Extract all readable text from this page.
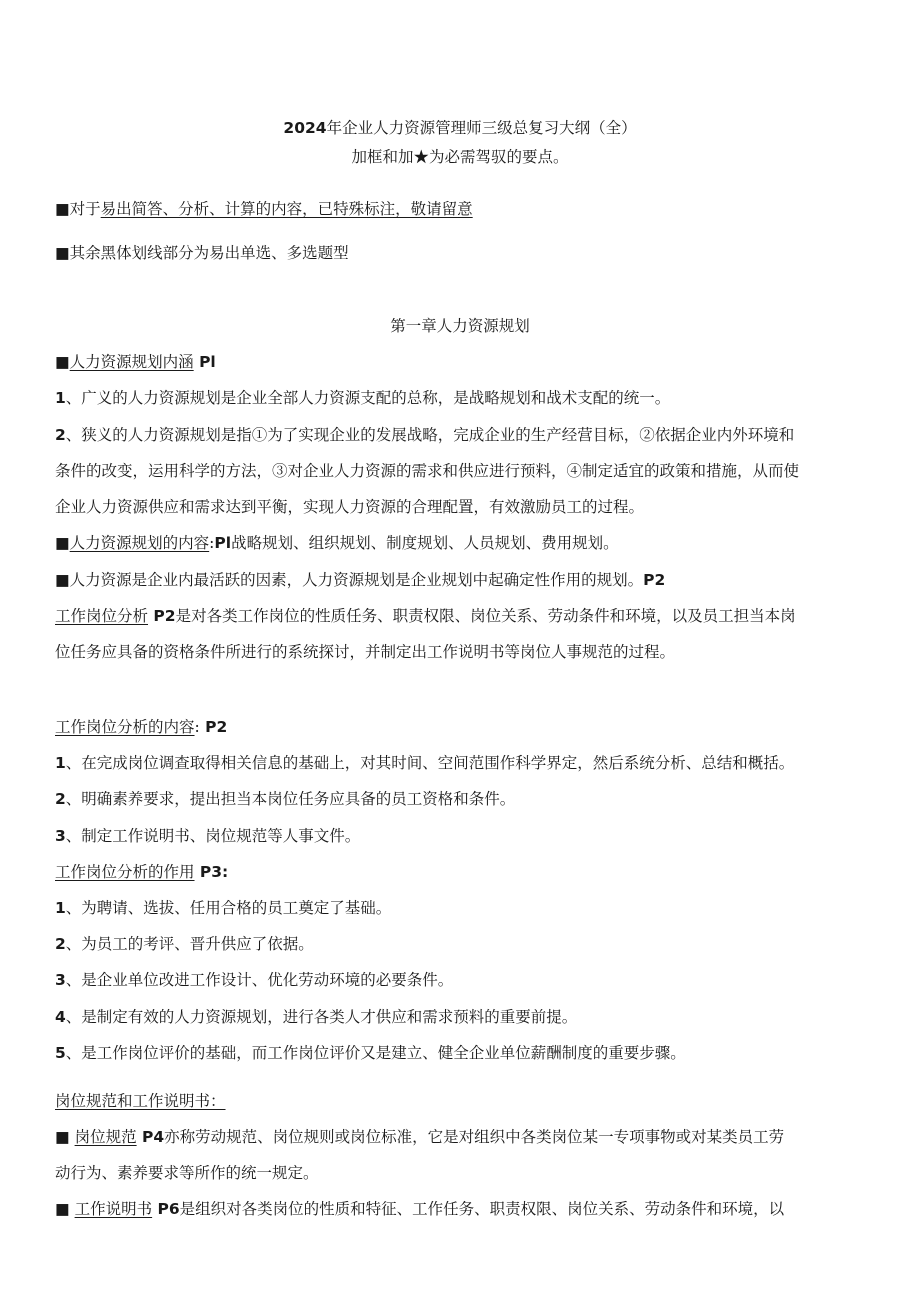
2024年企业人力资源管理师三级总复习大纲（全）
加框和加★为必需驾驭的要点。
■对于易出简答、分析、计算的内容，已特殊标注，敬请留意
■其余黑体划线部分为易出单选、多选题型
第一章人力资源规划
■人力资源规划内涵 Pl
1、广义的人力资源规划是企业全部人力资源支配的总称，是战略规划和战术支配的统一。
2、狭义的人力资源规划是指①为了实现企业的发展战略，完成企业的生产经营目标，②依据企业内外环境和
条件的改变，运用科学的方法，③对企业人力资源的需求和供应进行预料，④制定适宜的政策和措施，从而使
企业人力资源供应和需求达到平衡，实现人力资源的合理配置，有效激励员工的过程。
■人力资源规划的内容:Pl战略规划、组织规划、制度规划、人员规划、费用规划。
■人力资源是企业内最活跃的因素，人力资源规划是企业规划中起确定性作用的规划。P2
工作岗位分析 P2是对各类工作岗位的性质任务、职责权限、岗位关系、劳动条件和环境，以及员工担当本岗
位任务应具备的资格条件所进行的系统探讨，并制定出工作说明书等岗位人事规范的过程。
工作岗位分析的内容: P2
1、在完成岗位调查取得相关信息的基础上，对其时间、空间范围作科学界定，然后系统分析、总结和概括。
2、明确素养要求，提出担当本岗位任务应具备的员工资格和条件。
3、制定工作说明书、岗位规范等人事文件。
工作岗位分析的作用 P3:
1、为聘请、选拔、任用合格的员工奠定了基础。
2、为员工的考评、晋升供应了依据。
3、是企业单位改进工作设计、优化劳动环境的必要条件。
4、是制定有效的人力资源规划，进行各类人才供应和需求预料的重要前提。
5、是工作岗位评价的基础，而工作岗位评价又是建立、健全企业单位薪酬制度的重要步骤。
岗位规范和工作说明书：
■ 岗位规范 P4亦称劳动规范、岗位规则或岗位标准，它是对组织中各类岗位某一专项事物或对某类员工劳
动行为、素养要求等所作的统一规定。
■ 工作说明书 P6是组织对各类岗位的性质和特征、工作任务、职责权限、岗位关系、劳动条件和环境，以
